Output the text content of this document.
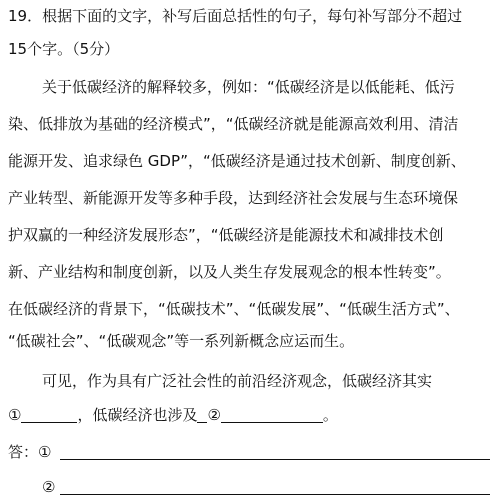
19．根据下面的文字，补写后面总括性的句子，每句补写部分不超过
15个字。（5分）
关于低碳经济的解释较多，例如：“低碳经济是以低能耗、低污
染、低排放为基础的经济模式”，“低碳经济就是能源高效利用、清洁
能源开发、追求绿色 GDP”，“低碳经济是通过技术创新、制度创新、
产业转型、新能源开发等多种手段，达到经济社会发展与生态环境保
护双赢的一种经济发展形态”，“低碳经济是能源技术和减排技术创
新、产业结构和制度创新，以及人类生存发展观念的根本性转变”。
在低碳经济的背景下，“低碳技术”、“低碳发展”、“低碳生活方式”、
“低碳社会”、“低碳观念”等一系列新概念应运而生。
可见，作为具有广泛社会性的前沿经济观念，低碳经济其实
①	，低碳经济也涉及 ②	。
答：①
②
